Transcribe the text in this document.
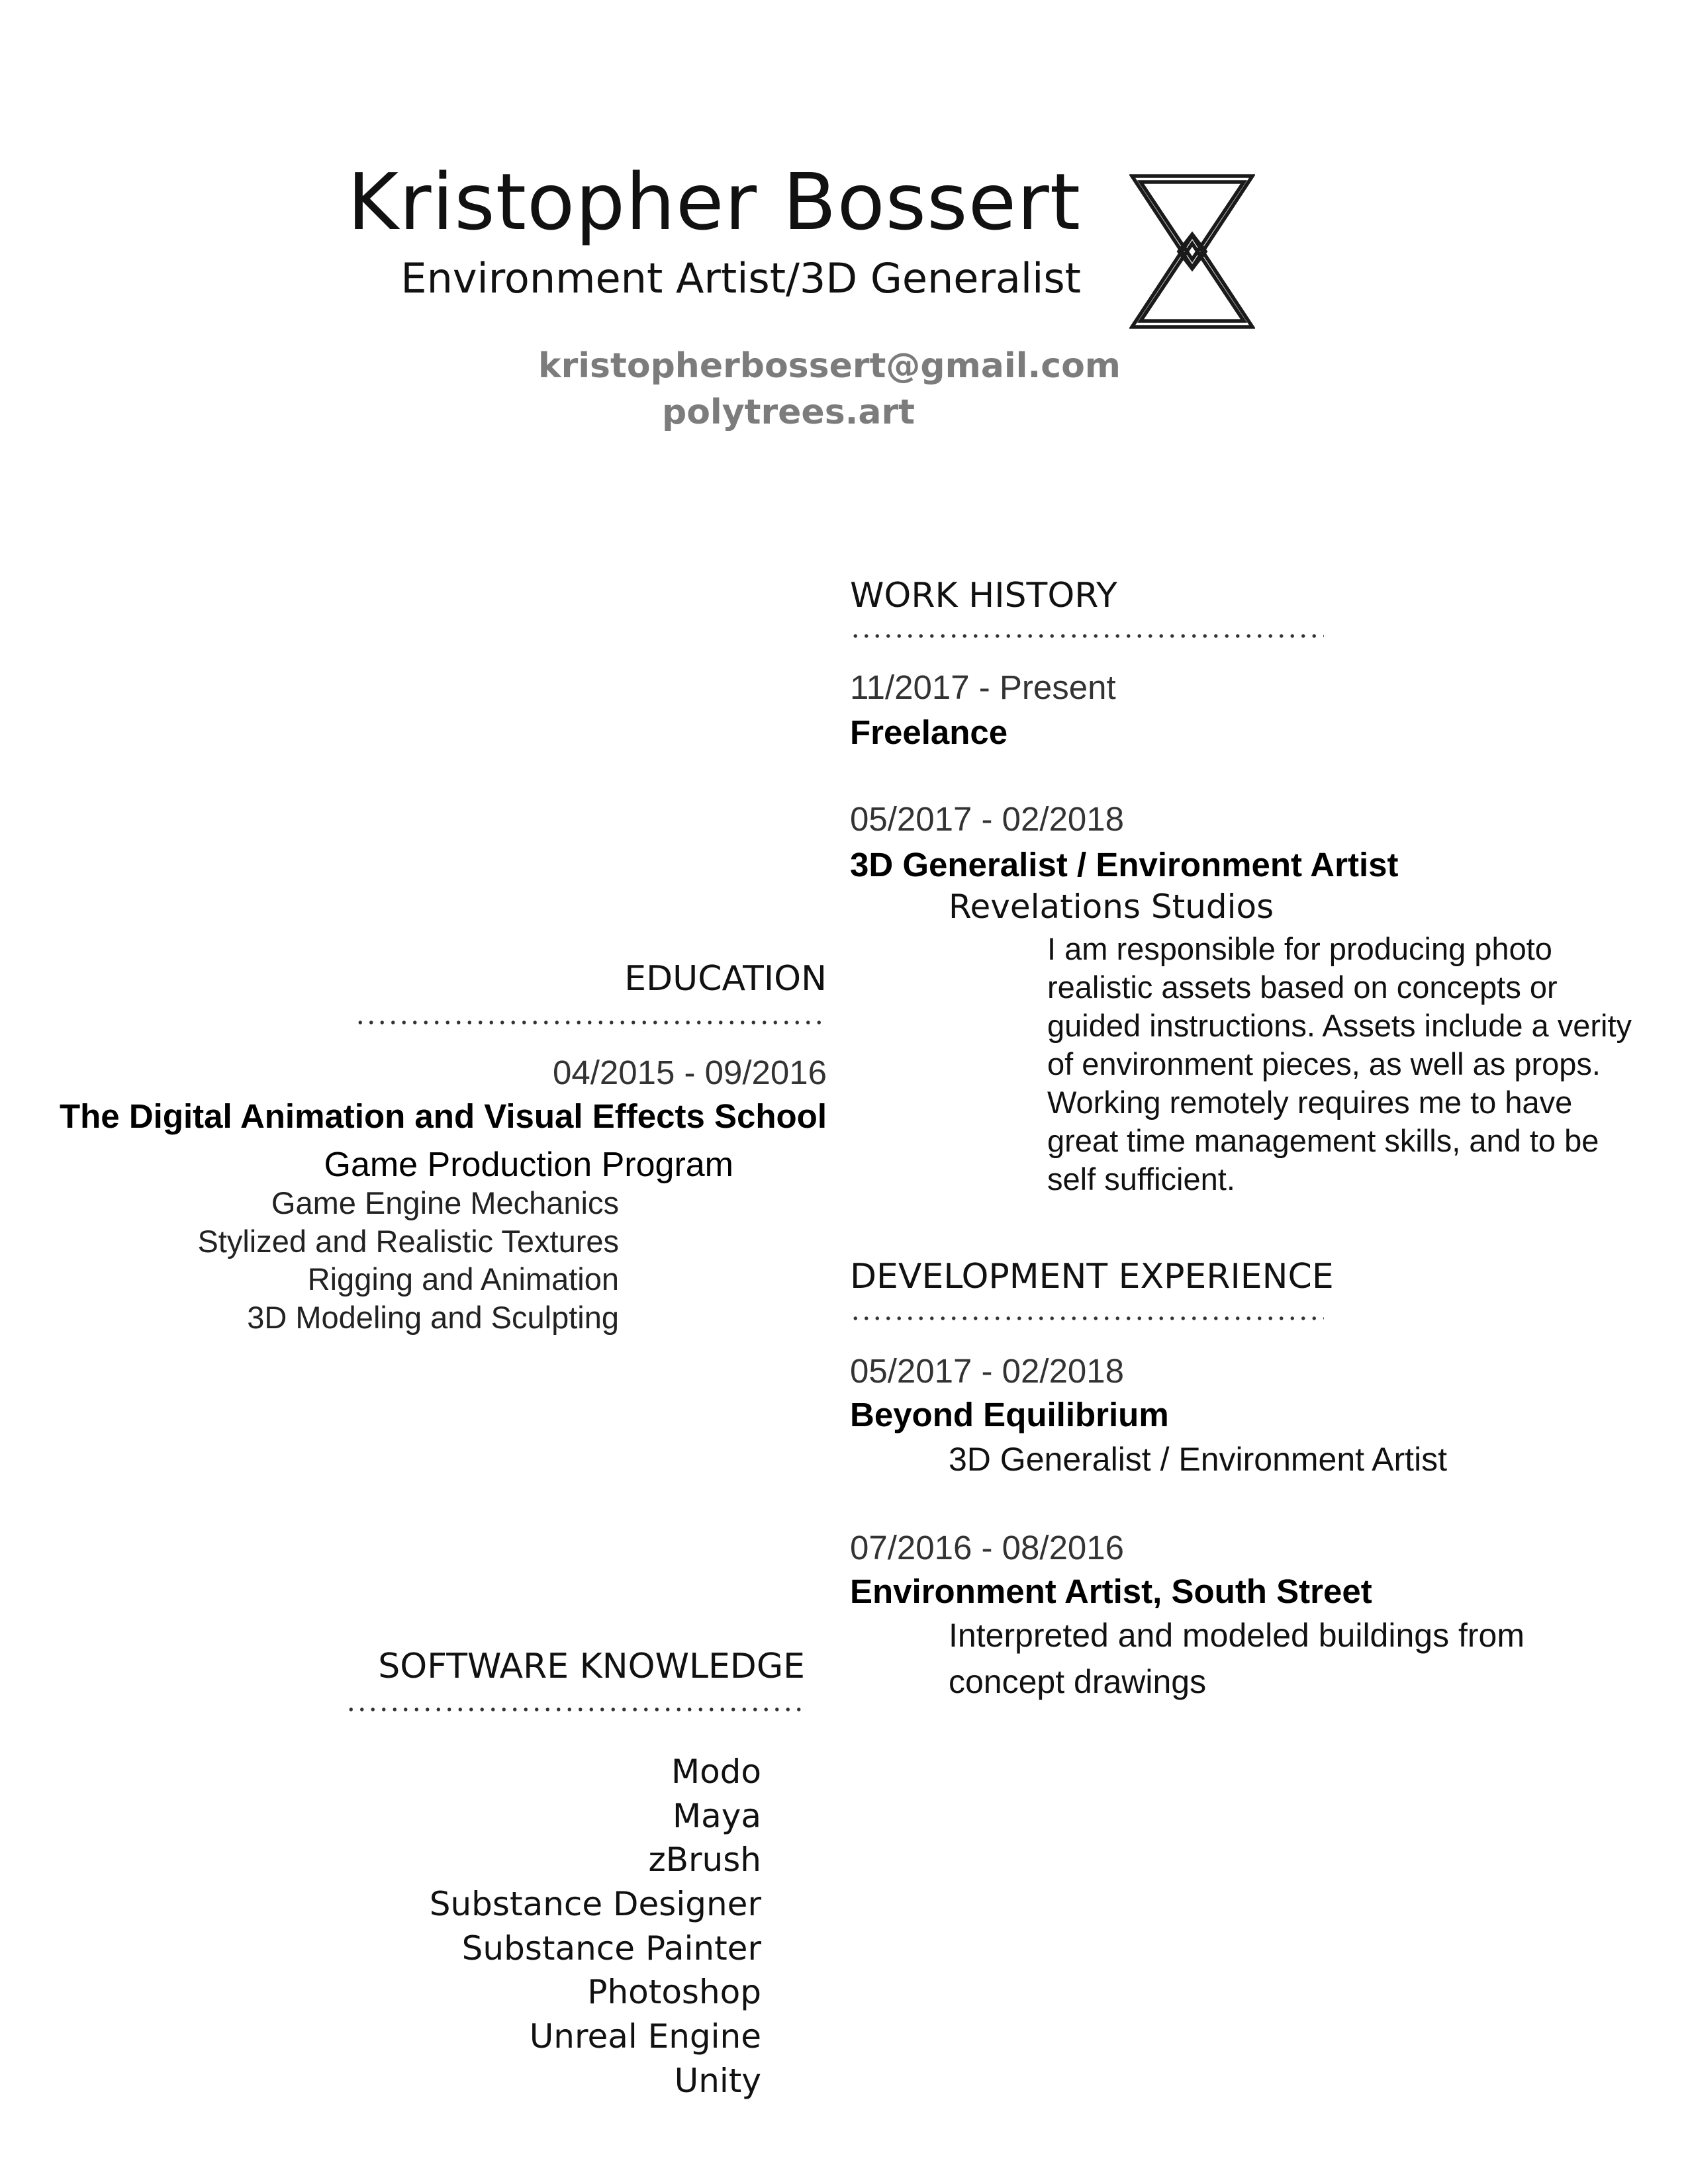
Kristopher Bossert
Environment Artist/3D Generalist
kristopherbossert@gmail.com
polytrees.art
WORK HISTORY
11/2017 - Present
Freelance
05/2017 - 02/2018
3D Generalist / Environment Artist
Revelations Studios
I am responsible for producing photo realistic assets based on concepts or guided instructions. Assets include a verity of environment pieces, as well as props. Working remotely requires me to have great time management skills, and to be self sufficient.
DEVELOPMENT EXPERIENCE
05/2017 - 02/2018
Beyond Equilibrium
3D Generalist / Environment Artist
07/2016 - 08/2016
Environment Artist, South Street
Interpreted and modeled buildings from
concept drawings
EDUCATION
04/2015 - 09/2016
The Digital Animation and Visual Effects School
Game Production Program
Game Engine Mechanics
Stylized and Realistic Textures
Rigging and Animation
3D Modeling and Sculpting
SOFTWARE KNOWLEDGE
Modo
Maya
zBrush
Substance Designer
Substance Painter
Photoshop
Unreal Engine
Unity
